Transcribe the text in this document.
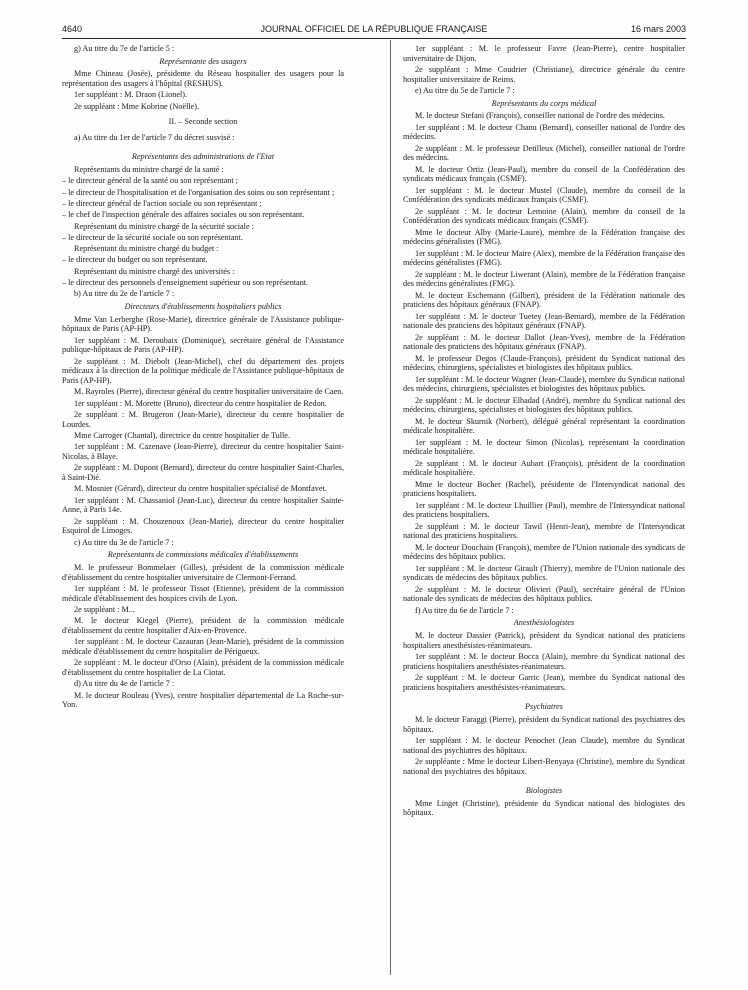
4640	JOURNAL OFFICIEL DE LA RÉPUBLIQUE FRANÇAISE	16 mars 2003

g) Au titre du 7e de l'article 5 :

Représentante des usagers

Mme Chineau (Josée), présidente du Réseau hospitalier des usagers pour la représentation des usagers à l'hôpital (RESHUS).

1er suppléant : M. Draon (Lionel).

2e suppléant : Mme Kobrine (Noëlle).

II. – Seconde section

a) Au titre du 1er de l'article 7 du décret susvisé :

Représentants des administrations de l'Etat

Représentants du ministre chargé de la santé :

– le directeur général de la santé ou son représentant ;

– le directeur de l'hospitalisation et de l'organisation des soins ou son représentant ;

– le directeur général de l'action sociale ou son représentant ;

– le chef de l'inspection générale des affaires sociales ou son représentant.

Représentant du ministre chargé de la sécurité sociale :

– le directeur de la sécurité sociale ou son représentant.

Représentant du ministre chargé du budget :

– le directeur du budget ou son représentant.

Représentant du ministre chargé des universités :

– le directeur des personnels d'enseignement supérieur ou son représentant.

b) Au titre du 2e de l'article 7 :

Directeurs d'établissements hospitaliers publics

Mme Van Lerberghe (Rose-Marie), directrice générale de l'Assistance publique-hôpitaux de Paris (AP-HP).

1er suppléant : M. Deroubaix (Dominique), secrétaire général de l'Assistance publique-hôpitaux de Paris (AP-HP).

2e suppléant : M. Diebolt (Jean-Michel), chef du département des projets médicaux à la direction de la politique médicale de l'Assistance publique-hôpitaux de Paris (AP-HP).

M. Rayroles (Pierre), directeur général du centre hospitalier universitaire de Caen.

1er suppléant : M. Morette (Bruno), directeur du centre hospitalier de Redon.

2e suppléant : M. Brugeron (Jean-Marie), directeur du centre hospitalier de Lourdes.

Mme Carroger (Chantal), directrice du centre hospitalier de Tulle.

1er suppléant : M. Cazenave (Jean-Pierre), directeur du centre hospitalier Saint-Nicolas, à Blaye.

2e suppléant : M. Dupont (Bernard), directeur du centre hospitalier Saint-Charles, à Saint-Dié.

M. Mosnier (Gérard), directeur du centre hospitalier spécialisé de Montfavet.

1er suppléant : M. Chassaniol (Jean-Luc), directeur du centre hospitalier Sainte-Anne, à Paris 14e.

2e suppléant : M. Chouzenoux (Jean-Marie), directeur du centre hospitalier Esquirol de Limoges.

c) Au titre du 3e de l'article 7 :

Représentants de commissions médicales d'établissements

M. le professeur Bommelaer (Gilles), président de la commission médicale d'établissement du centre hospitalier universitaire de Clermont-Ferrand.

1er suppléant : M. le professeur Tissot (Etienne), président de la commission médicale d'établissement des hospices civils de Lyon.

2e suppléant : M...

M. le docteur Kiegel (Pierre), président de la commission médicale d'établissement du centre hospitalier d'Aix-en-Provence.

1er suppléant : M. le docteur Cazauran (Jean-Marie), président de la commission médicale d'établissement du centre hospitalier de Périgueux.

2e suppléant : M. le docteur d'Orso (Alain), président de la commission médicale d'établissement du centre hospitalier de La Ciotat.

d) Au titre du 4e de l'article 7 :

M. le docteur Rouleau (Yves), centre hospitalier départemental de La Roche-sur-Yon.

1er suppléant : M. le professeur Favre (Jean-Pierre), centre hospitalier universitaire de Dijon.

2e suppléant : Mme Coudrier (Christiane), directrice générale du centre hospitalier universitaire de Reims.

e) Au titre du 5e de l'article 7 :

Représentants du corps médical

M. le docteur Stefani (François), conseiller national de l'ordre des médecins.

1er suppléant : M. le docteur Chanu (Bernard), conseiller national de l'ordre des médecins.

2e suppléant : M. le professeur Detilleux (Michel), conseiller national de l'ordre des médecins.

M. le docteur Ortiz (Jean-Paul), membre du conseil de la Confédération des syndicats médicaux français (CSMF).

1er suppléant : M. le docteur Mustel (Claude), membre du conseil de la Confédération des syndicats médicaux français (CSMF).

2e suppléant : M. le docteur Lemoine (Alain), membre du conseil de la Confédération des syndicats médicaux français (CSMF).

Mme le docteur Alby (Marie-Laure), membre de la Fédération française des médecins généralistes (FMG).

1er suppléant : M. le docteur Maire (Alex), membre de la Fédération française des médecins généralistes (FMG).

2e suppléant : M. le docteur Liwerant (Alain), membre de la Fédération française des médecins généralistes (FMG).

M. le docteur Eschemann (Gilbert), président de la Fédération nationale des praticiens des hôpitaux généraux (FNAP).

1er suppléant : M. le docteur Tuetey (Jean-Bernard), membre de la Fédération nationale des praticiens des hôpitaux généraux (FNAP).

2e suppléant : M. le docteur Dallot (Jean-Yves), membre de la Fédération nationale des praticiens des hôpitaux généraux (FNAP).

M. le professeur Degos (Claude-François), président du Syndicat national des médecins, chirurgiens, spécialistes et biologistes des hôpitaux publics.

1er suppléant : M. le docteur Wagner (Jean-Claude), membre du Syndicat national des médecins, chirurgiens, spécialistes et biologistes des hôpitaux publics.

2e suppléant : M. le docteur Elhadad (André), membre du Syndicat national des médecins, chirurgiens, spécialistes et biologistes des hôpitaux publics.

M. le docteur Skurnik (Norbert), délégué général représentant la coordination médicale hospitalière.

1er suppléant : M. le docteur Simon (Nicolas), représentant la coordination médicale hospitalière.

2e suppléant : M. le docteur Aubart (François), président de la coordination médicale hospitalière.

Mme le docteur Bocher (Rachel), présidente de l'Intersyndicat national des praticiens hospitaliers.

1er suppléant : M. le docteur Lhuillier (Paul), membre de l'Intersyndicat national des praticiens hospitaliers.

2e suppléant : M. le docteur Tawil (Henri-Jean), membre de l'Intersyndicat national des praticiens hospitaliers.

M. le docteur Douchain (François), membre de l'Union nationale des syndicats de médecins des hôpitaux publics.

1er suppléant : M. le docteur Girault (Thierry), membre de l'Union nationale des syndicats de médecins des hôpitaux publics.

2e suppléant : M. le docteur Olivieri (Paul), secrétaire général de l'Union nationale des syndicats de médecins des hôpitaux publics.

f) Au titre du 6e de l'article 7 :

Anesthésiologistes

M. le docteur Dassier (Patrick), président du Syndicat national des praticiens hospitaliers anesthésistes-réanimateurs.

1er suppléant : M. le docteur Bocca (Alain), membre du Syndicat national des praticiens hospitaliers anesthésistes-réanimateurs.

2e suppléant : M. le docteur Garric (Jean), membre du Syndicat national des praticiens hospitaliers anesthésistes-réanimateurs.

Psychiatres

M. le docteur Faraggi (Pierre), président du Syndicat national des psychiatres des hôpitaux.

1er suppléant : M. le docteur Penochet (Jean Claude), membre du Syndicat national des psychiatres des hôpitaux.

2e suppléante : Mme le docteur Libert-Benyaya (Christine), membre du Syndicat national des psychiatres des hôpitaux.

Biologistes

Mme Linget (Christine), présidente du Syndicat national des biologistes des hôpitaux.
